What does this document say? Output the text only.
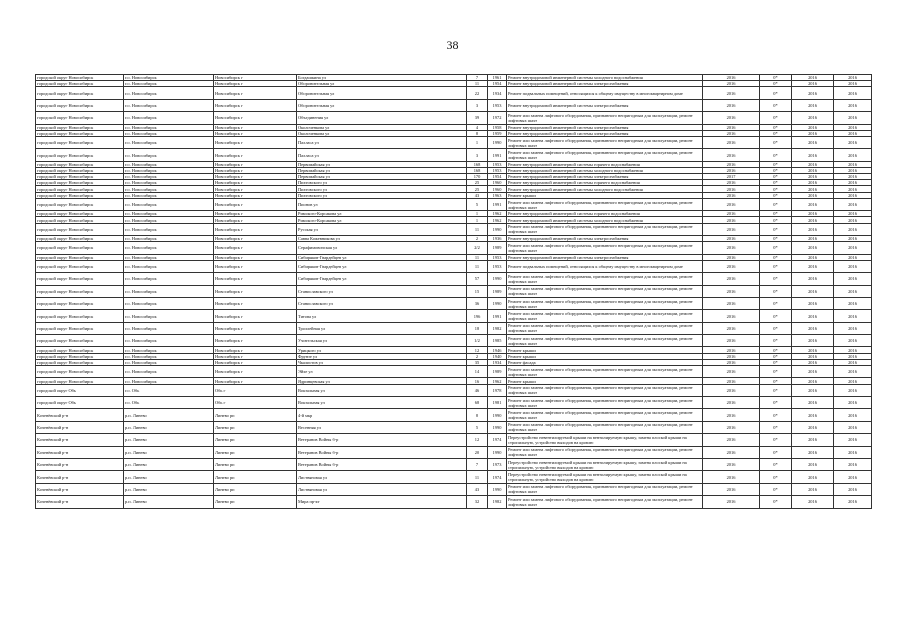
38
городской округ Новосибирск	г.о. Новосибирск	Новосибирск г	Богдашкина ул	7	1961	Ремонт внутридомовой инженерной системы холодного водоснабжения	2016	0*	2016	2016
городской округ Новосибирск	г.о. Новосибирск	Новосибирск г	Оборонительная ул	11	1954	Ремонт внутридомовой инженерной системы электроснабжения	2016	0*	2016	2016
городской округ Новосибирск	г.о. Новосибирск	Новосибирск г	Оборонительная ул	22	1934	Ремонт подвальных помещений, относящихся к общему имуществу в многоквартирном доме	2016	0*	2016	2016
городской округ Новосибирск	г.о. Новосибирск	Новосибирск г	Оборонительная ул	3	1953	Ремонт внутридомовой инженерной системы электроснабжения	2016	0*	2016	2016
городской округ Новосибирск	г.о. Новосибирск	Новосибирск г	Объединения ул	39	1972	Ремонт или замена лифтового оборудования, признанного непригодным для эксплуатации, ремонт лифтовых шахт	2016	0*	2016	2016
городской округ Новосибирск	г.о. Новосибирск	Новосибирск г	Околоченкова ул	4	1958	Ремонт внутридомовой инженерной системы электроснабжения	2016	0*	2016	2016
городской округ Новосибирск	г.о. Новосибирск	Новосибирск г	Околоченкова ул	8	1959	Ремонт внутридомовой инженерной системы электроснабжения	2016	0*	2016	2016
городской округ Новосибирск	г.о. Новосибирск	Новосибирск г	Палласа ул	1	1990	Ремонт или замена лифтового оборудования, признанного непригодным для эксплуатации, ремонт лифтовых шахт	2016	0*	2016	2016
городской округ Новосибирск	г.о. Новосибирск	Новосибирск г	Палласа ул	3	1991	Ремонт или замена лифтового оборудования, признанного непригодным для эксплуатации, ремонт лифтовых шахт	2016	0*	2016	2016
городской округ Новосибирск	г.о. Новосибирск	Новосибирск г	Первомайская ул	168	1953	Ремонт внутридомовой инженерной системы горячего водоснабжения	2016	0*	2016	2016
городской округ Новосибирск	г.о. Новосибирск	Новосибирск г	Первомайская ул	168	1953	Ремонт внутридомовой инженерной системы холодного водоснабжения	2016	0*	2016	2016
городской округ Новосибирск	г.о. Новосибирск	Новосибирск г	Первомайская ул	170	1954	Ремонт внутридомовой инженерной системы электроснабжения	2017	0*	2016	2016
городской округ Новосибирск	г.о. Новосибирск	Новосибирск г	Пихтовского ул	25	1960	Ремонт внутридомовой инженерной системы горячего водоснабжения	2016	0*	2016	2016
городской округ Новосибирск	г.о. Новосибирск	Новосибирск г	Пихтовского ул	25	1960	Ремонт внутридомовой инженерной системы холодного водоснабжения	2016	0*	2016	2016
городской округ Новосибирск	г.о. Новосибирск	Новосибирск г	Пихтовского ул	43	1963	Ремонт крыши	2016	0*	2016	2016
городской округ Новосибирск	г.о. Новосибирск	Новосибирск г	Пионов ул	5	1991	Ремонт или замена лифтового оборудования, признанного непригодным для эксплуатации, ремонт лифтовых шахт	2016	0*	2016	2016
городской округ Новосибирск	г.о. Новосибирск	Новосибирск г	Римского-Корсакова ул	1	1962	Ремонт внутридомовой инженерной системы горячего водоснабжения	2016	0*	2016	2016
городской округ Новосибирск	г.о. Новосибирск	Новосибирск г	Римского-Корсакова ул	1	1962	Ремонт внутридомовой инженерной системы холодного водоснабжения	2016	0*	2016	2016
городской округ Новосибирск	г.о. Новосибирск	Новосибирск г	Русская ул	11	1990	Ремонт или замена лифтового оборудования, признанного непригодным для эксплуатации, ремонт лифтовых шахт	2016	0*	2016	2016
городской округ Новосибирск	г.о. Новосибирск	Новосибирск г	Савва Кожевникова ул	2	1936	Ремонт внутридомовой инженерной системы электроснабжения	2016	0*	2016	2016
городской округ Новосибирск	г.о. Новосибирск	Новосибирск г	Серафимовичская ул	2/2	1989	Ремонт или замена лифтового оборудования, признанного непригодным для эксплуатации, ремонт лифтовых шахт	2016	0*	2016	2016
городской округ Новосибирск	г.о. Новосибирск	Новосибирск г	Сибиряков-Гвардейцев ул	11	1953	Ремонт внутридомовой инженерной системы электроснабжения	2016	0*	2016	2016
городской округ Новосибирск	г.о. Новосибирск	Новосибирск г	Сибиряков-Гвардейцев ул	11	1953	Ремонт подвальных помещений, относящихся к общему имуществу в многоквартирном доме	2016	0*	2016	2016
городской округ Новосибирск	г.о. Новосибирск	Новосибирск г	Сибиряков-Гвардейцев ул	57	1990	Ремонт или замена лифтового оборудования, признанного непригодным для эксплуатации, ремонт лифтовых шахт	2016	0*	2016	2016
городской округ Новосибирск	г.о. Новосибирск	Новосибирск г	Станиславского ул	15	1989	Ремонт или замена лифтового оборудования, признанного непригодным для эксплуатации, ремонт лифтовых шахт	2016	0*	2016	2016
городской округ Новосибирск	г.о. Новосибирск	Новосибирск г	Станиславского ул	36	1990	Ремонт или замена лифтового оборудования, признанного непригодным для эксплуатации, ремонт лифтовых шахт	2016	0*	2016	2016
городской округ Новосибирск	г.о. Новосибирск	Новосибирск г	Титова ул	196	1991	Ремонт или замена лифтового оборудования, признанного непригодным для эксплуатации, ремонт лифтовых шахт	2016	0*	2016	2016
городской округ Новосибирск	г.о. Новосибирск	Новосибирск г	Троллейная ул	18	1982	Ремонт или замена лифтового оборудования, признанного непригодным для эксплуатации, ремонт лифтовых шахт	2016	0*	2016	2016
городской округ Новосибирск	г.о. Новосибирск	Новосибирск г	Учительская ул	1/2	1985	Ремонт или замена лифтового оборудования, признанного непригодным для эксплуатации, ремонт лифтовых шахт	2016	0*	2016	2016
городской округ Новосибирск	г.о. Новосибирск	Новосибирск г	Урицкого ул	12	1946	Ремонт крыши	2016	0*	2016	2016
городской округ Новосибирск	г.о. Новосибирск	Новосибирск г	Фрунзе ул	2	1940	Ремонт крыши	2016	0*	2016	2016
городской округ Новосибирск	г.о. Новосибирск	Новосибирск г	Чкалистов ул	35	1934	Ремонт фасада	2016	0*	2016	2016
городской округ Новосибирск	г.о. Новосибирск	Новосибирск г	Эйхе ул	14	1989	Ремонт или замена лифтового оборудования, признанного непригодным для эксплуатации, ремонт лифтовых шахт	2016	0*	2016	2016
городской округ Новосибирск	г.о. Новосибирск	Новосибирск г	Ядринцевская ул	16	1962	Ремонт крыши	2016	0*	2016	2016
городской округ Обь	г.о. Обь	Обь г	Вокзальная ул	46	1978	Ремонт или замена лифтового оборудования, признанного непригодным для эксплуатации, ремонт лифтовых шахт	2016	0*	2016	2016
городской округ Обь	г.о. Обь	Обь г	Вокзальная ул	68	1981	Ремонт или замена лифтового оборудования, признанного непригодным для эксплуатации, ремонт лифтовых шахт	2016	0*	2016	2016
Коченёвский р-н	р.п. Линево	Линево рп	4-й мкр	8	1990	Ремонт или замена лифтового оборудования, признанного непригодным для эксплуатации, ремонт лифтовых шахт	2016	0*	2016	2016
Коченёвский р-н	р.п. Линево	Линево рп	Весенняя ул	5	1990	Ремонт или замена лифтового оборудования, признанного непригодным для эксплуатации, ремонт лифтовых шахт	2016	0*	2016	2016
Коченёвский р-н	р.п. Линево	Линево рп	Ветеранов Войны б-р	12	1974	Переустройство невентилируемой крыши на вентилируемую крышу, замена плоской крыши на стропильную, устройство выходов на кровлю	2016	0*	2016	2016
Коченёвский р-н	р.п. Линево	Линево рп	Ветеранов Войны б-р	20	1990	Ремонт или замена лифтового оборудования, признанного непригодным для эксплуатации, ремонт лифтовых шахт	2016	0*	2016	2016
Коченёвский р-н	р.п. Линево	Линево рп	Ветеранов Войны б-р	7	1973	Переустройство невентилируемой крыши на вентилируемую крышу, замена плоской крыши на стропильную, устройство выходов на кровлю	2016	0*	2016	2016
Коченёвский р-н	р.п. Линево	Линево рп	Листвяновая ул	11	1974	Переустройство невентилируемой крыши на вентилируемую крышу, замена плоской крыши на стропильную, устройство выходов на кровлю	2016	0*	2016	2016
Коченёвский р-н	р.п. Линево	Линево рп	Листвяновая ул	43	1990	Ремонт или замена лифтового оборудования, признанного непригодным для эксплуатации, ремонт лифтовых шахт	2016	0*	2016	2016
Коченёвский р-н	р.п. Линево	Линево рп	Мира пр-кт	32	1982	Ремонт или замена лифтового оборудования, признанного непригодным для эксплуатации, ремонт лифтовых шахт	2016	0*	2016	2016
